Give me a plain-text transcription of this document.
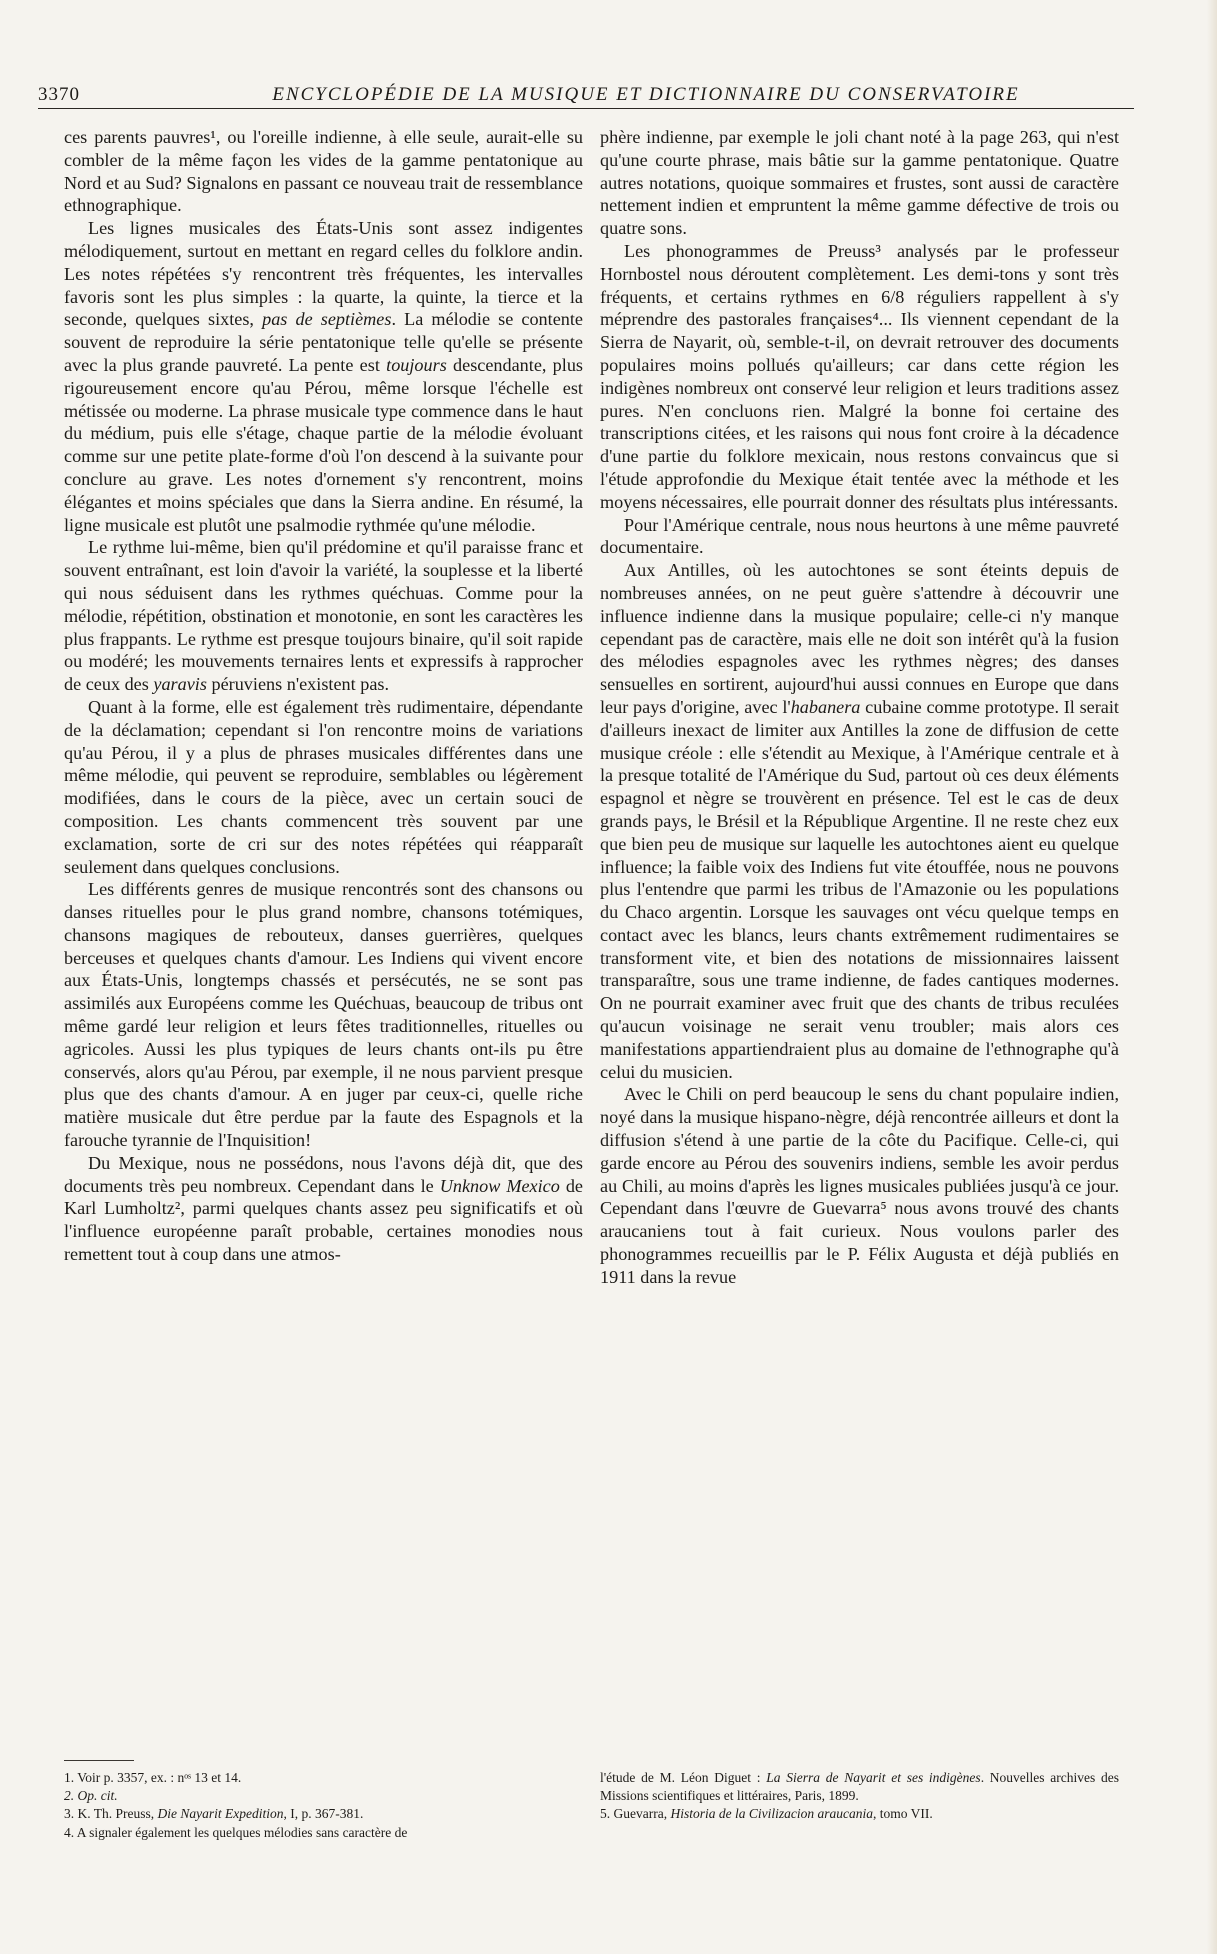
3370	ENCYCLOPÉDIE DE LA MUSIQUE ET DICTIONNAIRE DU CONSERVATOIRE

ces parents pauvres¹, ou l'oreille indienne, à elle seule, aurait-elle su combler de la même façon les vides de la gamme pentatonique au Nord et au Sud? Signalons en passant ce nouveau trait de ressemblance ethnographique.

Les lignes musicales des États-Unis sont assez indigentes mélodiquement, surtout en mettant en regard celles du folklore andin. Les notes répétées s'y rencontrent très fréquentes, les intervalles favoris sont les plus simples : la quarte, la quinte, la tierce et la seconde, quelques sixtes, pas de septièmes. La mélodie se contente souvent de reproduire la série pentatonique telle qu'elle se présente avec la plus grande pauvreté. La pente est toujours descendante, plus rigoureusement encore qu'au Pérou, même lorsque l'échelle est métissée ou moderne. La phrase musicale type commence dans le haut du médium, puis elle s'étage, chaque partie de la mélodie évoluant comme sur une petite plate-forme d'où l'on descend à la suivante pour conclure au grave. Les notes d'ornement s'y rencontrent, moins élégantes et moins spéciales que dans la Sierra andine. En résumé, la ligne musicale est plutôt une psalmodie rythmée qu'une mélodie.

Le rythme lui-même, bien qu'il prédomine et qu'il paraisse franc et souvent entraînant, est loin d'avoir la variété, la souplesse et la liberté qui nous séduisent dans les rythmes quéchuas. Comme pour la mélodie, répétition, obstination et monotonie, en sont les caractères les plus frappants. Le rythme est presque toujours binaire, qu'il soit rapide ou modéré; les mouvements ternaires lents et expressifs à rapprocher de ceux des yaravis péruviens n'existent pas.

Quant à la forme, elle est également très rudimentaire, dépendante de la déclamation; cependant si l'on rencontre moins de variations qu'au Pérou, il y a plus de phrases musicales différentes dans une même mélodie, qui peuvent se reproduire, semblables ou légèrement modifiées, dans le cours de la pièce, avec un certain souci de composition. Les chants commencent très souvent par une exclamation, sorte de cri sur des notes répétées qui réapparaît seulement dans quelques conclusions.

Les différents genres de musique rencontrés sont des chansons ou danses rituelles pour le plus grand nombre, chansons totémiques, chansons magiques de rebouteux, danses guerrières, quelques berceuses et quelques chants d'amour. Les Indiens qui vivent encore aux États-Unis, longtemps chassés et persécutés, ne se sont pas assimilés aux Européens comme les Quéchuas, beaucoup de tribus ont même gardé leur religion et leurs fêtes traditionnelles, rituelles ou agricoles. Aussi les plus typiques de leurs chants ont-ils pu être conservés, alors qu'au Pérou, par exemple, il ne nous parvient presque plus que des chants d'amour. A en juger par ceux-ci, quelle riche matière musicale dut être perdue par la faute des Espagnols et la farouche tyrannie de l'Inquisition!

Du Mexique, nous ne possédons, nous l'avons déjà dit, que des documents très peu nombreux. Cependant dans le Unknow Mexico de Karl Lumholtz², parmi quelques chants assez peu significatifs et où l'influence européenne paraît probable, certaines monodies nous remettent tout à coup dans une atmos-

phère indienne, par exemple le joli chant noté à la page 263, qui n'est qu'une courte phrase, mais bâtie sur la gamme pentatonique. Quatre autres notations, quoique sommaires et frustes, sont aussi de caractère nettement indien et empruntent la même gamme défective de trois ou quatre sons.

Les phonogrammes de Preuss³ analysés par le professeur Hornbostel nous déroutent complètement. Les demi-tons y sont très fréquents, et certains rythmes en 6/8 réguliers rappellent à s'y méprendre des pastorales françaises⁴... Ils viennent cependant de la Sierra de Nayarit, où, semble-t-il, on devrait retrouver des documents populaires moins pollués qu'ailleurs; car dans cette région les indigènes nombreux ont conservé leur religion et leurs traditions assez pures. N'en concluons rien. Malgré la bonne foi certaine des transcriptions citées, et les raisons qui nous font croire à la décadence d'une partie du folklore mexicain, nous restons convaincus que si l'étude approfondie du Mexique était tentée avec la méthode et les moyens nécessaires, elle pourrait donner des résultats plus intéressants.

Pour l'Amérique centrale, nous nous heurtons à une même pauvreté documentaire.

Aux Antilles, où les autochtones se sont éteints depuis de nombreuses années, on ne peut guère s'attendre à découvrir une influence indienne dans la musique populaire; celle-ci n'y manque cependant pas de caractère, mais elle ne doit son intérêt qu'à la fusion des mélodies espagnoles avec les rythmes nègres; des danses sensuelles en sortirent, aujourd'hui aussi connues en Europe que dans leur pays d'origine, avec l'habanera cubaine comme prototype. Il serait d'ailleurs inexact de limiter aux Antilles la zone de diffusion de cette musique créole : elle s'étendit au Mexique, à l'Amérique centrale et à la presque totalité de l'Amérique du Sud, partout où ces deux éléments espagnol et nègre se trouvèrent en présence. Tel est le cas de deux grands pays, le Brésil et la République Argentine. Il ne reste chez eux que bien peu de musique sur laquelle les autochtones aient eu quelque influence; la faible voix des Indiens fut vite étouffée, nous ne pouvons plus l'entendre que parmi les tribus de l'Amazonie ou les populations du Chaco argentin. Lorsque les sauvages ont vécu quelque temps en contact avec les blancs, leurs chants extrêmement rudimentaires se transforment vite, et bien des notations de missionnaires laissent transparaître, sous une trame indienne, de fades cantiques modernes. On ne pourrait examiner avec fruit que des chants de tribus reculées qu'aucun voisinage ne serait venu troubler; mais alors ces manifestations appartiendraient plus au domaine de l'ethnographe qu'à celui du musicien.

Avec le Chili on perd beaucoup le sens du chant populaire indien, noyé dans la musique hispano-nègre, déjà rencontrée ailleurs et dont la diffusion s'étend à une partie de la côte du Pacifique. Celle-ci, qui garde encore au Pérou des souvenirs indiens, semble les avoir perdus au Chili, au moins d'après les lignes musicales publiées jusqu'à ce jour. Cependant dans l'œuvre de Guevarra⁵ nous avons trouvé des chants araucaniens tout à fait curieux. Nous voulons parler des phonogrammes recueillis par le P. Félix Augusta et déjà publiés en 1911 dans la revue

1. Voir p. 3357, ex. : nᵒˢ 13 et 14.
2. Op. cit.
3. K. Th. Preuss, Die Nayarit Expedition, I, p. 367-381.
4. A signaler également les quelques mélodies sans caractère de
l'étude de M. Léon Diguet : La Sierra de Nayarit et ses indigènes. Nouvelles archives des Missions scientifiques et littéraires, Paris, 1899.
5. Guevarra, Historia de la Civilizacion araucania, tomo VII.
